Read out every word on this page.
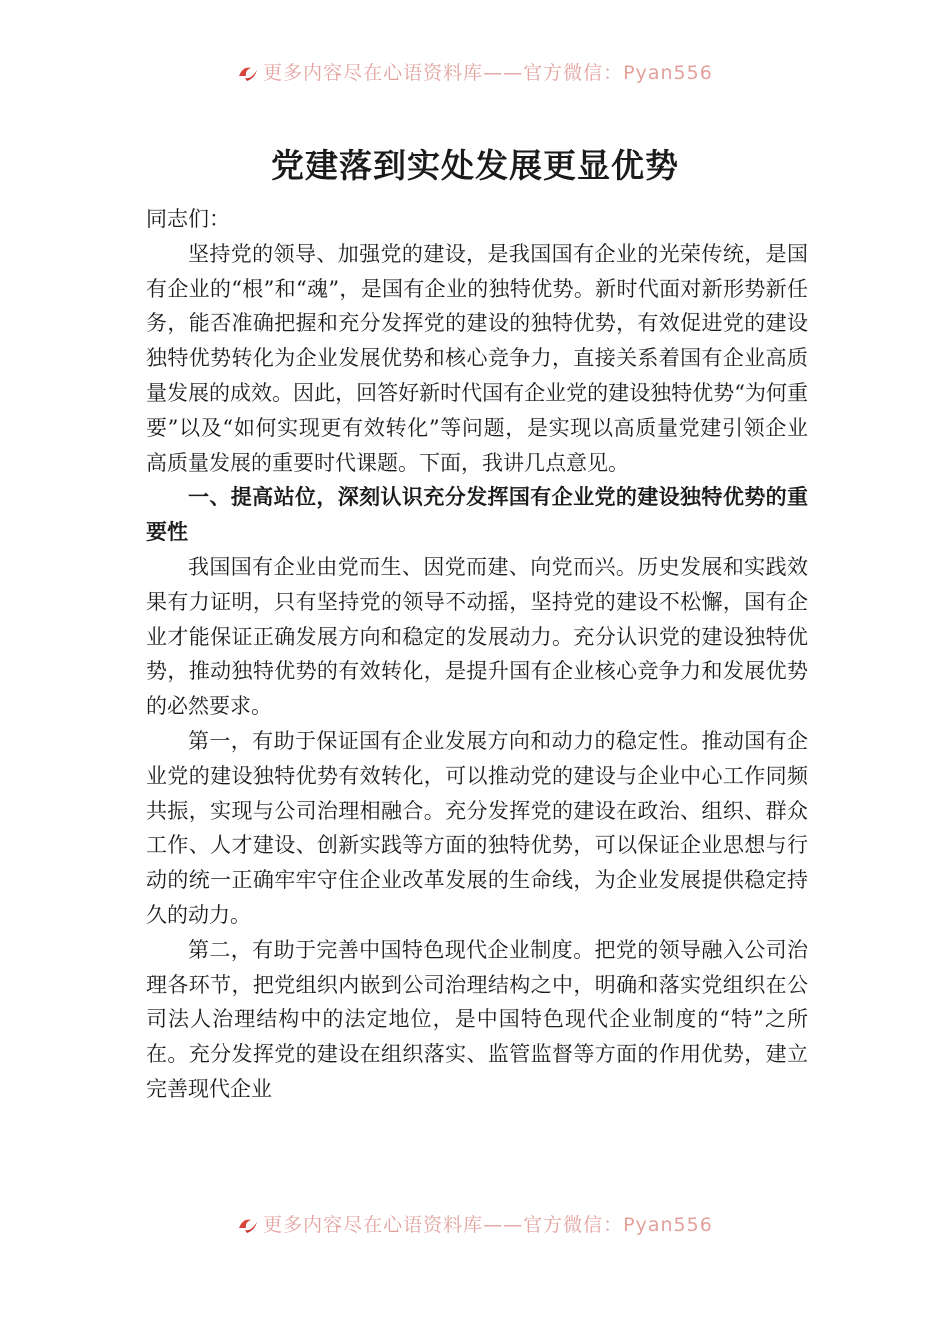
更多内容尽在心语资料库——官方微信：Pyan556
党建落到实处发展更显优势

同志们：

坚持党的领导、加强党的建设，是我国国有企业的光荣传统，是国有企业的“根”和“魂”，是国有企业的独特优势。新时代面对新形势新任务，能否准确把握和充分发挥党的建设的独特优势，有效促进党的建设独特优势转化为企业发展优势和核心竞争力，直接关系着国有企业高质量发展的成效。因此，回答好新时代国有企业党的建设独特优势“为何重要”以及“如何实现更有效转化”等问题，是实现以高质量党建引领企业高质量发展的重要时代课题。下面，我讲几点意见。

一、提高站位，深刻认识充分发挥国有企业党的建设独特优势的重要性

我国国有企业由党而生、因党而建、向党而兴。历史发展和实践效果有力证明，只有坚持党的领导不动摇，坚持党的建设不松懈，国有企业才能保证正确发展方向和稳定的发展动力。充分认识党的建设独特优势，推动独特优势的有效转化，是提升国有企业核心竞争力和发展优势的必然要求。

第一，有助于保证国有企业发展方向和动力的稳定性。推动国有企业党的建设独特优势有效转化，可以推动党的建设与企业中心工作同频共振，实现与公司治理相融合。充分发挥党的建设在政治、组织、群众工作、人才建设、创新实践等方面的独特优势，可以保证企业思想与行动的统一正确牢牢守住企业改革发展的生命线，为企业发展提供稳定持久的动力。

第二，有助于完善中国特色现代企业制度。把党的领导融入公司治理各环节，把党组织内嵌到公司治理结构之中，明确和落实党组织在公司法人治理结构中的法定地位，是中国特色现代企业制度的“特”之所在。充分发挥党的建设在组织落实、监管监督等方面的作用优势，建立完善现代企业

更多内容尽在心语资料库——官方微信：Pyan556
